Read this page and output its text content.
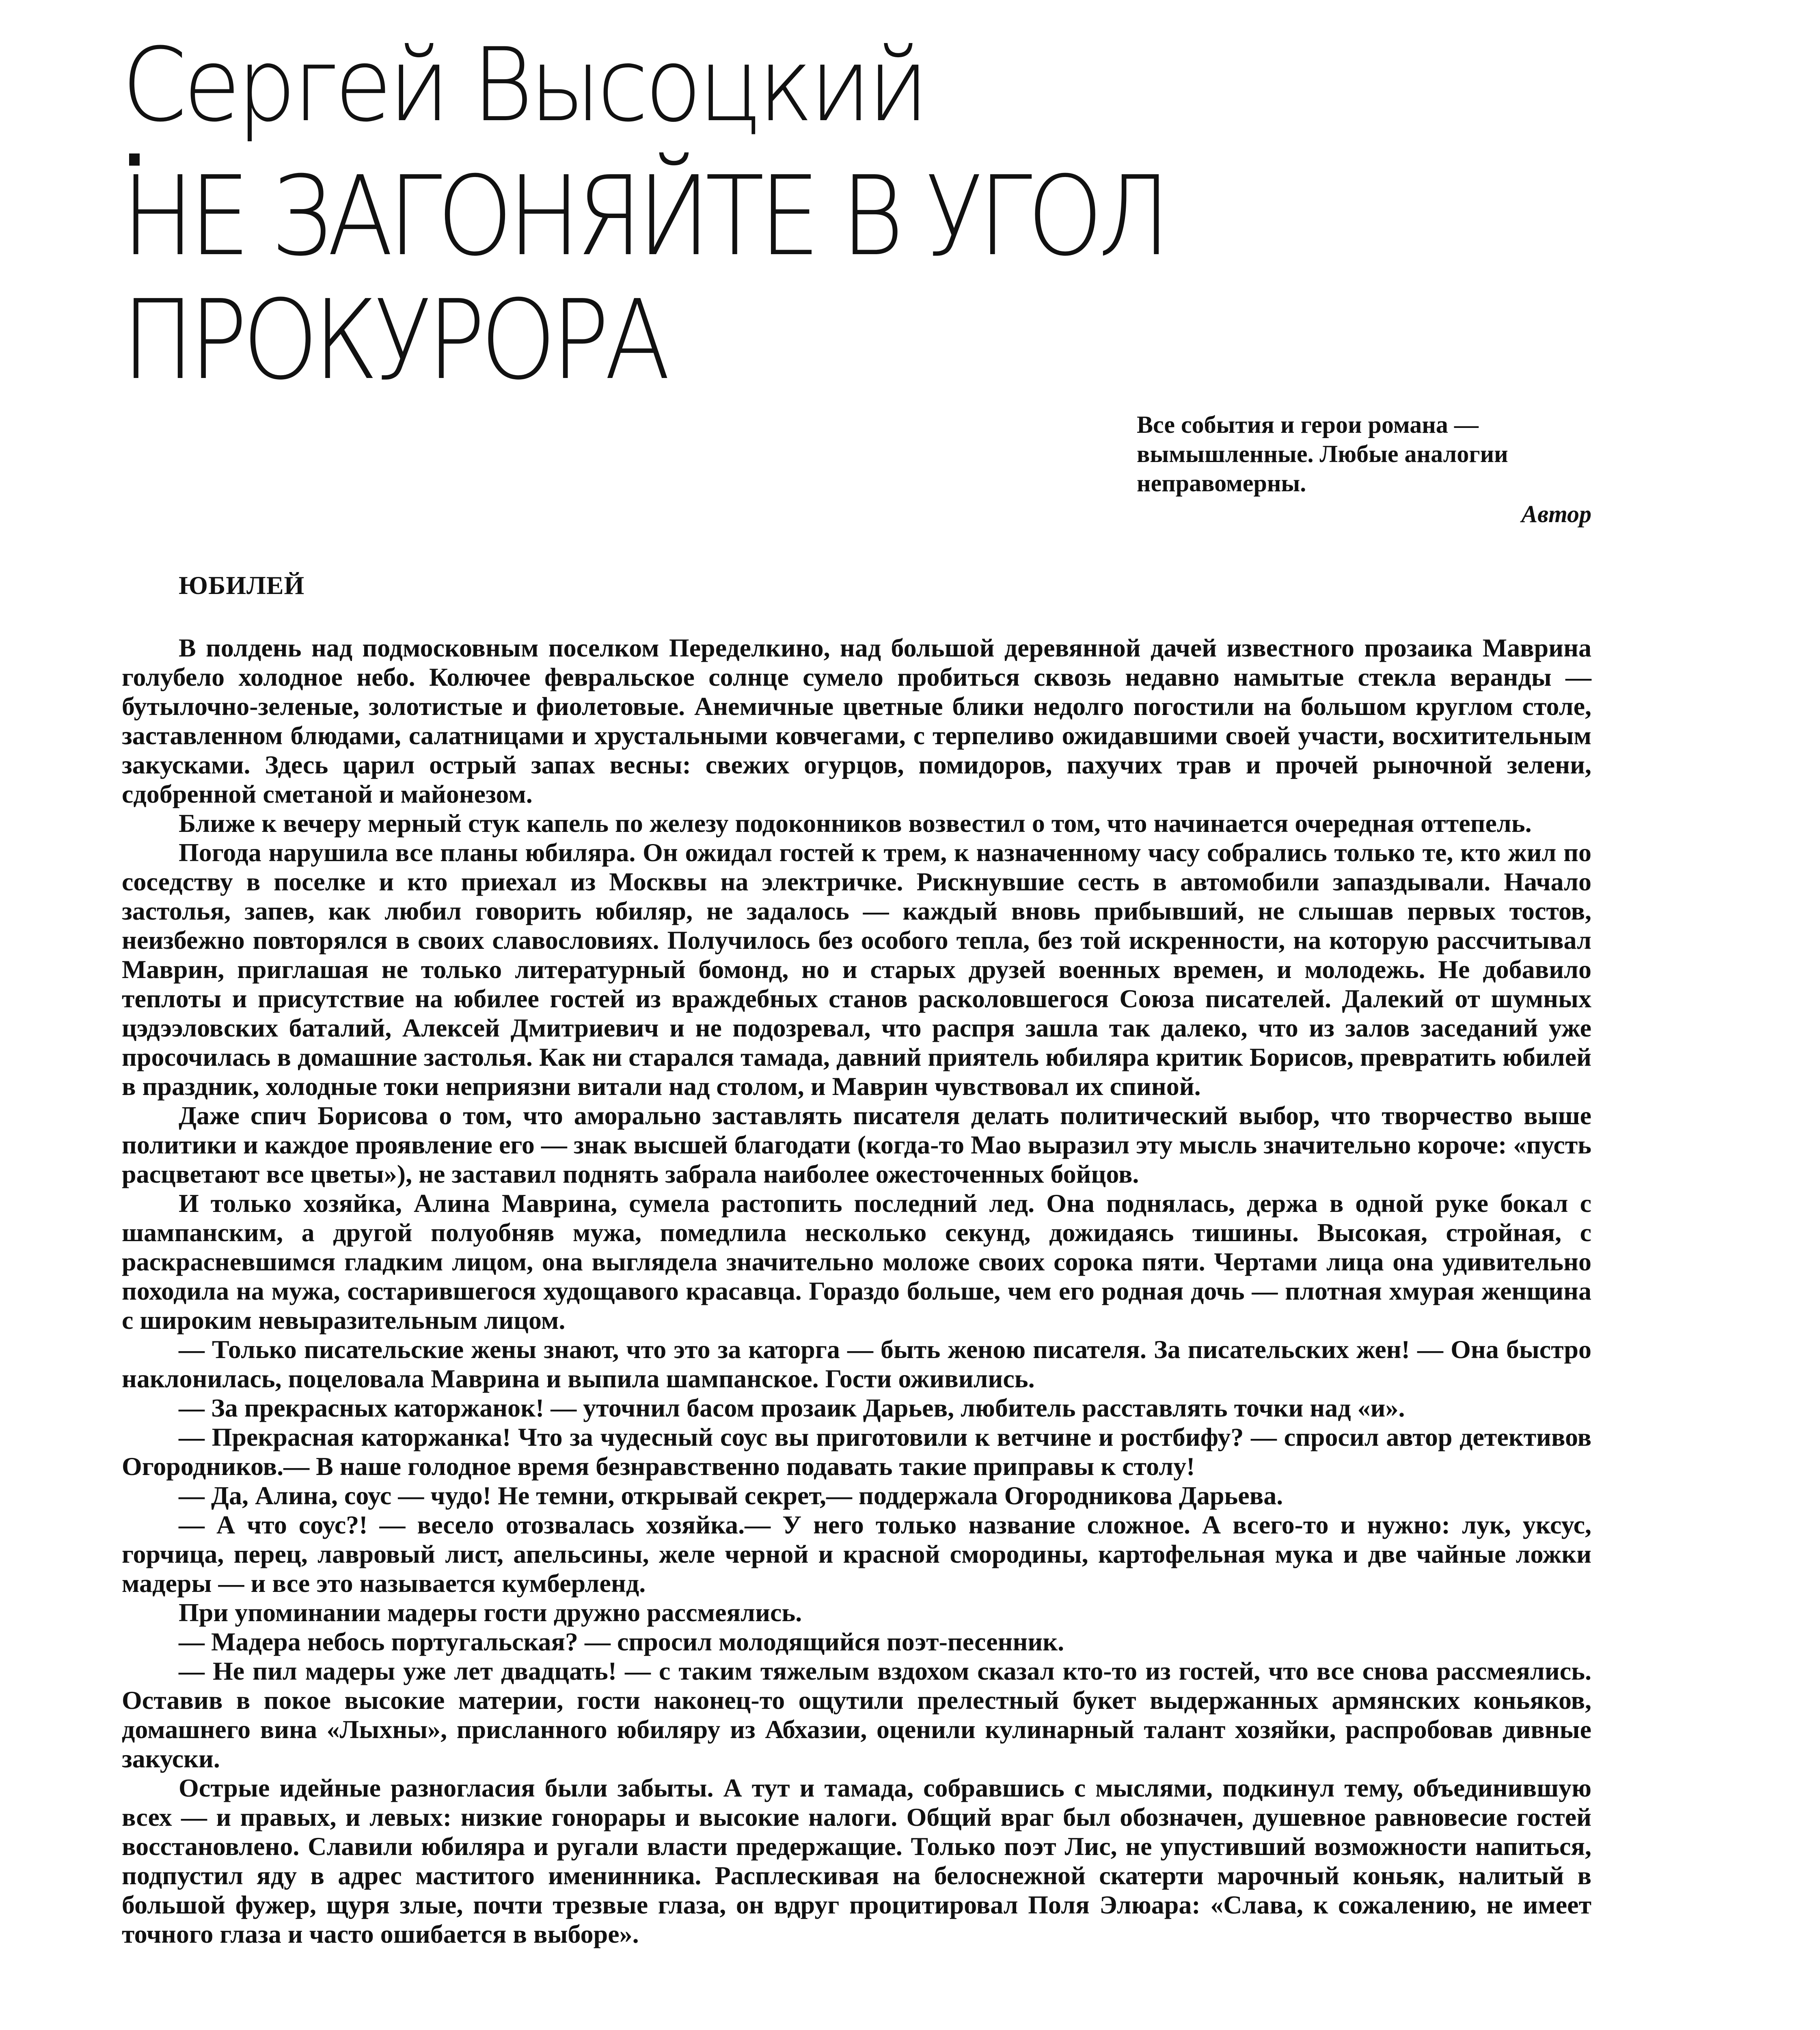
Сергей Высоцкий
НЕ ЗАГОНЯЙТЕ В УГОЛ
ПРОКУРОРА

Все события и герои романа — вымышленные. Любые аналогии неправомерны.

Автор
ЮБИЛЕЙ

В полдень над подмосковным поселком Переделкино, над большой деревянной дачей известного прозаика Маврина голубело холодное небо. Колючее февральское солнце сумело пробиться сквозь недавно намытые стекла веранды — бутылочно-зеленые, золотистые и фиолетовые. Анемичные цветные блики недолго погостили на большом круглом столе, заставленном блюдами, салатницами и хрустальными ковчегами, с терпеливо ожидавшими своей участи, восхитительным закусками. Здесь царил острый запах весны: свежих огурцов, помидоров, пахучих трав и прочей рыночной зелени, сдобренной сметаной и майонезом.

Ближе к вечеру мерный стук капель по железу подоконников возвестил о том, что начинается очередная оттепель.

Погода нарушила все планы юбиляра. Он ожидал гостей к трем, к назначенному часу собрались только те, кто жил по соседству в поселке и кто приехал из Москвы на электричке. Рискнувшие сесть в автомобили запаздывали. Начало застолья, запев, как любил говорить юбиляр, не задалось — каждый вновь прибывший, не слышав первых тостов, неизбежно повторялся в своих славословиях. Получилось без особого тепла, без той искренности, на которую рассчитывал Маврин, приглашая не только литературный бомонд, но и старых друзей военных времен, и молодежь. Не добавило теплоты и присутствие на юбилее гостей из враждебных станов расколовшегося Союза писателей. Далекий от шумных цэдээловских баталий, Алексей Дмитриевич и не подозревал, что распря зашла так далеко, что из залов заседаний уже просочилась в домашние застолья. Как ни старался тамада, давний приятель юбиляра критик Борисов, превратить юбилей в праздник, холодные токи неприязни витали над столом, и Маврин чувствовал их спиной.

Даже спич Борисова о том, что аморально заставлять писателя делать политический выбор, что творчество выше политики и каждое проявление его — знак высшей благодати (когда-то Мао выразил эту мысль значительно короче: «пусть расцветают все цветы»), не заставил поднять забрала наиболее ожесточенных бойцов.

И только хозяйка, Алина Маврина, сумела растопить последний лед. Она поднялась, держа в одной руке бокал с шампанским, а другой полуобняв мужа, помедлила несколько секунд, дожидаясь тишины. Высокая, стройная, с раскрасневшимся гладким лицом, она выглядела значительно моложе своих сорока пяти. Чертами лица она удивительно походила на мужа, состарившегося худощавого красавца. Гораздо больше, чем его родная дочь — плотная хмурая женщина с широким невыразительным лицом.

— Только писательские жены знают, что это за каторга — быть женою писателя. За писательских жен! — Она быстро наклонилась, поцеловала Маврина и выпила шампанское. Гости оживились.

— За прекрасных каторжанок! — уточнил басом прозаик Дарьев, любитель расставлять точки над «и».

— Прекрасная каторжанка! Что за чудесный соус вы приготовили к ветчине и ростбифу? — спросил автор детективов Огородников.— В наше голодное время безнравственно подавать такие приправы к столу!

— Да, Алина, соус — чудо! Не темни, открывай секрет,— поддержала Огородникова Дарьева.

— А что соус?! — весело отозвалась хозяйка.— У него только название сложное. А всего-то и нужно: лук, уксус, горчица, перец, лавровый лист, апельсины, желе черной и красной смородины, картофельная мука и две чайные ложки мадеры — и все это называется кумберленд.

При упоминании мадеры гости дружно рассмеялись.

— Мадера небось португальская? — спросил молодящийся поэт-песенник.

— Не пил мадеры уже лет двадцать! — с таким тяжелым вздохом сказал кто-то из гостей, что все снова рассмеялись. Оставив в покое высокие материи, гости наконец-то ощутили прелестный букет выдержанных армянских коньяков, домашнего вина «Лыхны», присланного юбиляру из Абхазии, оценили кулинарный талант хозяйки, распробовав дивные закуски.

Острые идейные разногласия были забыты. А тут и тамада, собравшись с мыслями, подкинул тему, объединившую всех — и правых, и левых: низкие гонорары и высокие налоги. Общий враг был обозначен, душевное равновесие гостей восстановлено. Славили юбиляра и ругали власти предержащие. Только поэт Лис, не упустивший возможности напиться, подпустил яду в адрес маститого именинника. Расплескивая на белоснежной скатерти марочный коньяк, налитый в большой фужер, щуря злые, почти трезвые глаза, он вдруг процитировал Поля Элюара: «Слава, к сожалению, не имеет точного глаза и часто ошибается в выборе».
